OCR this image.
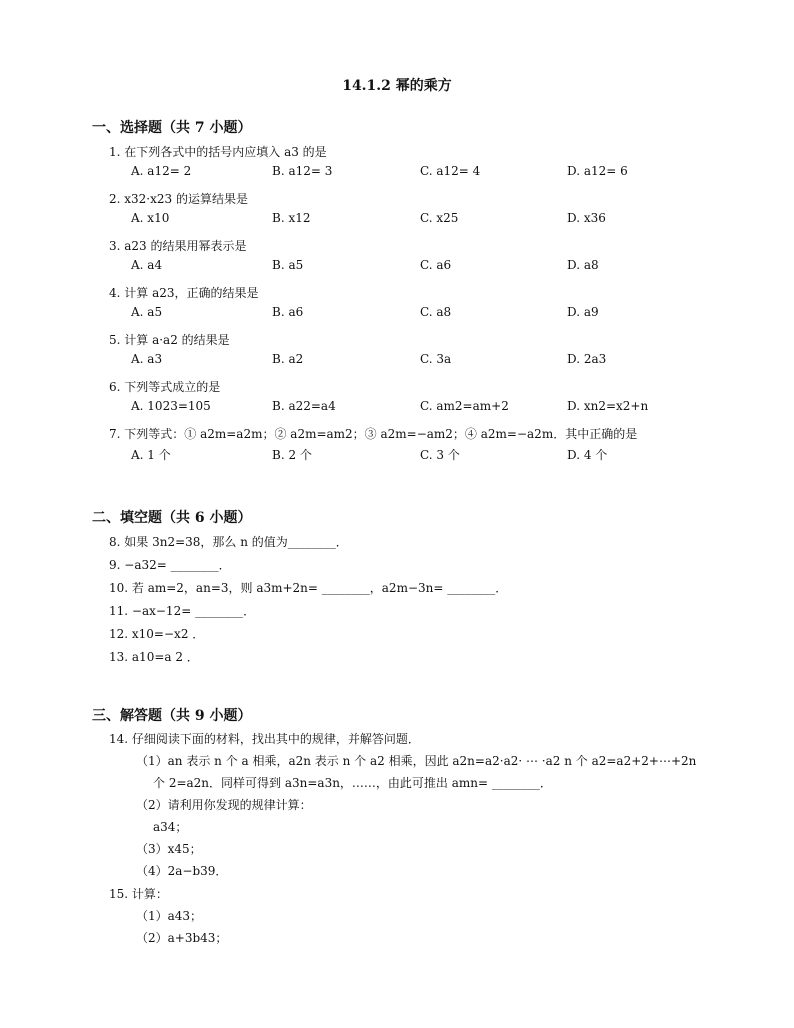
14.1.2 幂的乘方
一、选择题（共 7 小题）
1. 在下列各式中的括号内应填入 a3 的是
A. a12= 2	B. a12= 3	C. a12= 4	D. a12= 6
2. x32·x23 的运算结果是
A. x10	B. x12	C. x25	D. x36
3. a23 的结果用幂表示是
A. a4	B. a5	C. a6	D. a8
4. 计算 a23，正确的结果是
A. a5	B. a6	C. a8	D. a9
5. 计算 a·a2 的结果是
A. a3	B. a2	C. 3a	D. 2a3
6. 下列等式成立的是
A. 1023=105	B. a22=a4	C. am2=am+2	D. xn2=x2+n
7. 下列等式：① a2m=a2m；② a2m=am2；③ a2m=−am2；④ a2m=−a2m．其中正确的是
A. 1 个	B. 2 个	C. 3 个	D. 4 个
二、填空题（共 6 小题）
8. 如果 3n2=38，那么 n 的值为________．
9. −a32= ________．
10. 若 am=2，an=3，则 a3m+2n= ________，a2m−3n= ________．
11. −ax−12= ________．
12. x10=−x2 ．
13. a10=a 2 ．
三、解答题（共 9 小题）
14. 仔细阅读下面的材料，找出其中的规律，并解答问题．
（1）an 表示 n 个 a 相乘，a2n 表示 n 个 a2 相乘，因此 a2n=a2·a2· ⋯ ·a2 n 个 a2=a2+2+⋯+2n
个 2=a2n．同样可得到 a3n=a3n，……，由此可推出 amn= ________．
（2）请利用你发现的规律计算：
a34；
（3）x45；
（4）2a−b39．
15. 计算：
（1）a43；
（2）a+3b43；
